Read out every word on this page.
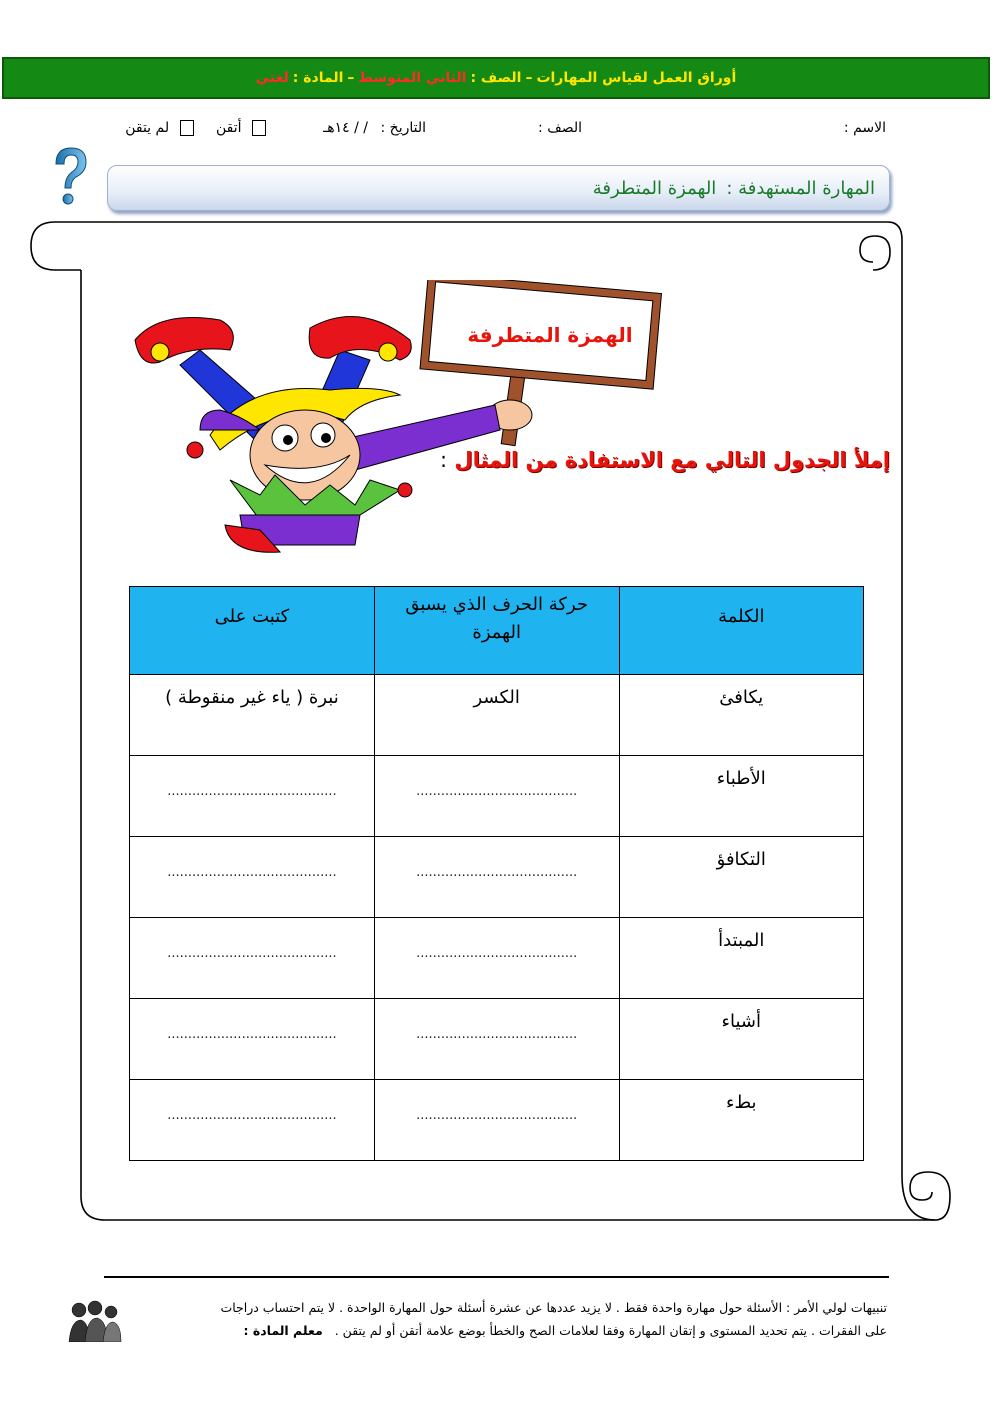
أوراق العمل لقياس المهارات
–
الصف :
الثاني المتوسط
–
المادة :
لغتي
الاسم :
الصف :
التاريخ : / / ١٤هـ
أتقن  لم يتقن
المهارة المستهدفة :
الهمزة المتطرفة
الهمزة المتطرفة
إملأ الجدول التالي مع الاستفادة من المثال :
الكلمة	حركة الحرف الذي يسبق الهمزة	كتبت على
يكافئ	الكسر	نبرة ( ياء غير منقوطة )
الأطباء	.......................................	.........................................

التكافؤ	.......................................	.........................................

المبتدأ	.......................................	.........................................

أشياء	.......................................	.........................................

بطء	.......................................	.........................................
تنبيهات لولي الأمر : الأسئلة حول مهارة واحدة فقط . لا يزيد عددها عن عشرة أسئلة حول المهارة الواحدة . لا يتم احتساب دراجات
على الفقرات . يتم تحديد المستوى و إتقان المهارة وفقا لعلامات الصح والخطأ بوضع علامة أتقن أو لم يتقن . معلم المادة :
